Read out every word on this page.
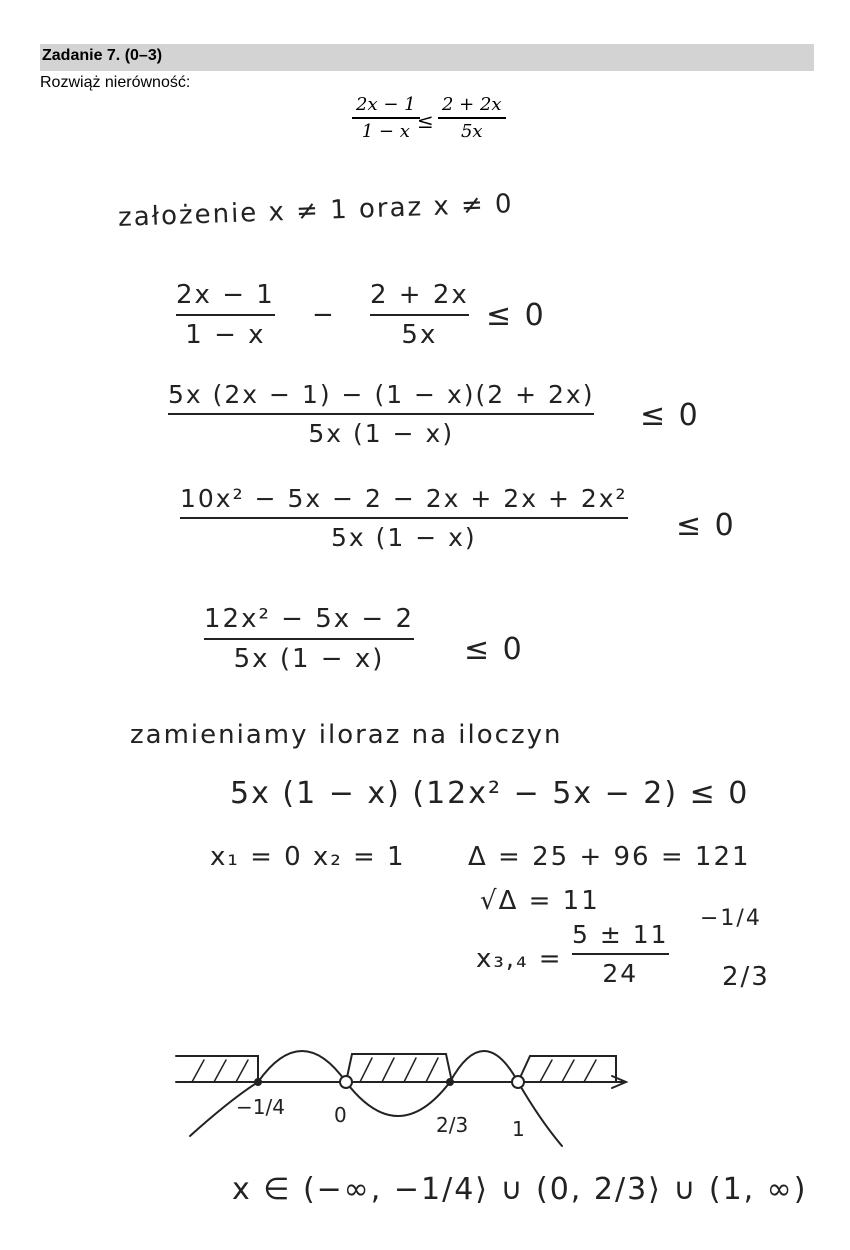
Zadanie 7. (0–3)
Rozwiąż nierówność:
2x − 1
1 − x ≤
2 + 2x
5x
założenie x ≠ 1 oraz x ≠ 0
2x − 1
1 − x
−
2 + 2x
5x
≤ 0
5x (2x − 1) − (1 − x)(2 + 2x)
5x (1 − x)
≤ 0
10x² − 5x − 2 − 2x + 2x + 2x²
5x (1 − x)	≤ 0
12x² − 5x − 2
5x (1 − x)	≤ 0
zamieniamy iloraz na iloczyn
5x (1 − x) (12x² − 5x − 2) ≤ 0
x₁ = 0 x₂ = 1 Δ = 25 + 96 = 121
√Δ = 11
x₃,₄ =
5 ± 11
24
−1/4
2/3
−1/4 0	2/3 1
x ∈ (−∞, −1/4⟩ ∪ (0, 2/3⟩ ∪ (1, ∞)
